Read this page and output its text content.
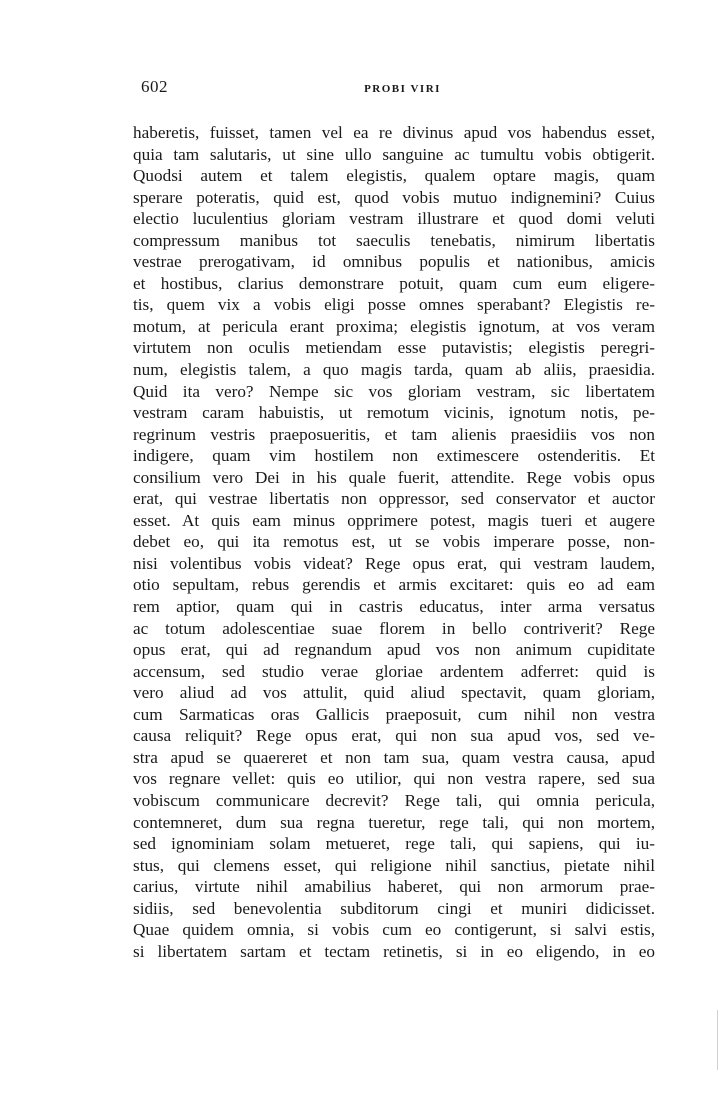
602	PROBI VIRI
haberetis, fuisset, tamen vel ea re divinus apud vos habendus esset,
quia tam salutaris, ut sine ullo sanguine ac tumultu vobis obtigerit.
Quodsi autem et talem elegistis, qualem optare magis, quam
sperare poteratis, quid est, quod vobis mutuo indignemini? Cuius
electio luculentius gloriam vestram illustrare et quod domi veluti
compressum manibus tot saeculis tenebatis, nimirum libertatis
vestrae prerogativam, id omnibus populis et nationibus, amicis
et hostibus, clarius demonstrare potuit, quam cum eum eligere-
tis, quem vix a vobis eligi posse omnes sperabant? Elegistis re-
motum, at pericula erant proxima; elegistis ignotum, at vos veram
virtutem non oculis metiendam esse putavistis; elegistis peregri-
num, elegistis talem, a quo magis tarda, quam ab aliis, praesidia.
Quid ita vero? Nempe sic vos gloriam vestram, sic libertatem
vestram caram habuistis, ut remotum vicinis, ignotum notis, pe-
regrinum vestris praeposueritis, et tam alienis praesidiis vos non
indigere, quam vim hostilem non extimescere ostenderitis. Et
consilium vero Dei in his quale fuerit, attendite. Rege vobis opus
erat, qui vestrae libertatis non oppressor, sed conservator et auctor
esset. At quis eam minus opprimere potest, magis tueri et augere
debet eo, qui ita remotus est, ut se vobis imperare posse, non-
nisi volentibus vobis videat? Rege opus erat, qui vestram laudem,
otio sepultam, rebus gerendis et armis excitaret: quis eo ad eam
rem aptior, quam qui in castris educatus, inter arma versatus
ac totum adolescentiae suae florem in bello contriverit? Rege
opus erat, qui ad regnandum apud vos non animum cupiditate
accensum, sed studio verae gloriae ardentem adferret: quid is
vero aliud ad vos attulit, quid aliud spectavit, quam gloriam,
cum Sarmaticas oras Gallicis praeposuit, cum nihil non vestra
causa reliquit? Rege opus erat, qui non sua apud vos, sed ve-
stra apud se quaereret et non tam sua, quam vestra causa, apud
vos regnare vellet: quis eo utilior, qui non vestra rapere, sed sua
vobiscum communicare decrevit? Rege tali, qui omnia pericula,
contemneret, dum sua regna tueretur, rege tali, qui non mortem,
sed ignominiam solam metueret, rege tali, qui sapiens, qui iu-
stus, qui clemens esset, qui religione nihil sanctius, pietate nihil
carius, virtute nihil amabilius haberet, qui non armorum prae-
sidiis, sed benevolentia subditorum cingi et muniri didicisset.
Quae quidem omnia, si vobis cum eo contigerunt, si salvi estis,
si libertatem sartam et tectam retinetis, si in eo eligendo, in eo
